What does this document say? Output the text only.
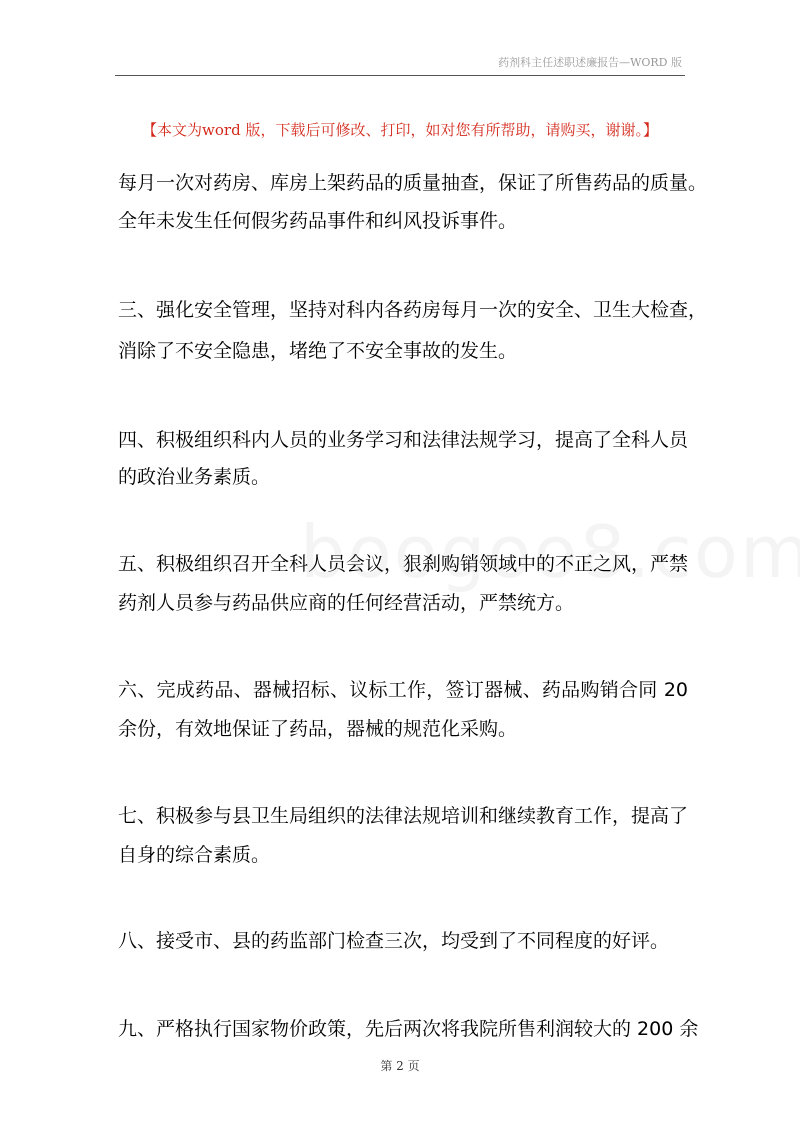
药剂科主任述职述廉报告—WORD 版
【本文为word 版，下载后可修改、打印，如对您有所帮助，请购买，谢谢。】
每月一次对药房、库房上架药品的质量抽查，保证了所售药品的质量。
全年未发生任何假劣药品事件和纠风投诉事件。
三、强化安全管理，坚持对科内各药房每月一次的安全、卫生大检查，
消除了不安全隐患，堵绝了不安全事故的发生。
四、积极组织科内人员的业务学习和法律法规学习，提高了全科人员
的政治业务素质。
五、积极组织召开全科人员会议，狠刹购销领域中的不正之风，严禁
药剂人员参与药品供应商的任何经营活动，严禁统方。
六、完成药品、器械招标、议标工作，签订器械、药品购销合同 20
余份，有效地保证了药品，器械的规范化采购。
七、积极参与县卫生局组织的法律法规培训和继续教育工作，提高了
自身的综合素质。
八、接受市、县的药监部门检查三次，均受到了不同程度的好评。
九、严格执行国家物价政策，先后两次将我院所售利润较大的 200 余
第 2 页
